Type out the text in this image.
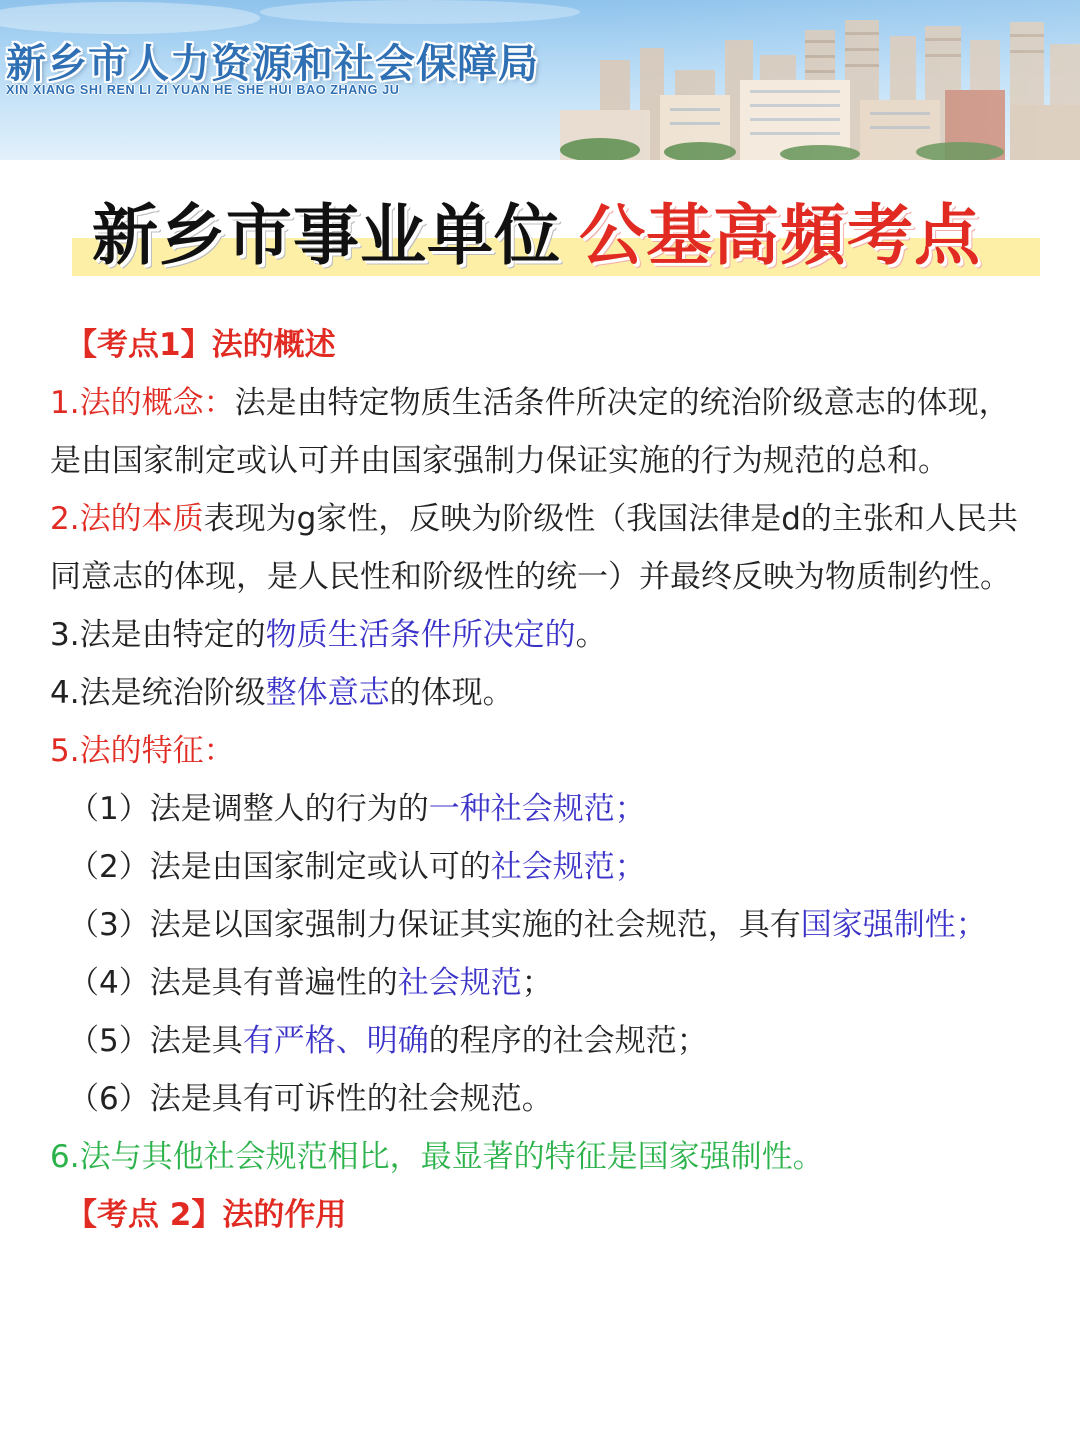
新乡市人力资源和社会保障局
XIN XIANG SHI REN LI ZI YUAN HE SHE HUI BAO ZHANG JU
新乡市事业单位 公基高頻考点
【考点1】法的概述
1.法的概念：法是由特定物质生活条件所决定的统治阶级意志的体现，是由国家制定或认可并由国家强制力保证实施的行为规范的总和。
2.法的本质表现为g家性，反映为阶级性（我国法律是d的主张和人民共同意志的体现，是人民性和阶级性的统一）并最终反映为物质制约性。
3.法是由特定的物质生活条件所决定的。
4.法是统治阶级整体意志的体现。
5.法的特征：
（1）法是调整人的行为的一种社会规范；
（2）法是由国家制定或认可的社会规范；
（3）法是以国家强制力保证其实施的社会规范，具有国家强制性；
（4）法是具有普遍性的社会规范；
（5）法是具有严格、明确的程序的社会规范；
（6）法是具有可诉性的社会规范。
6.法与其他社会规范相比，最显著的特征是国家强制性。
【考点 2】法的作用
